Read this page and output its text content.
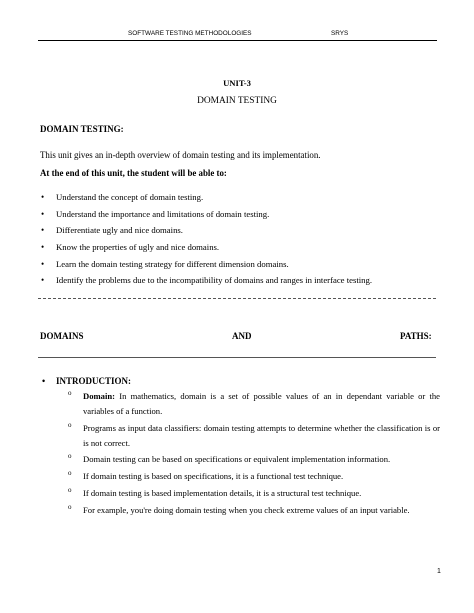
SOFTWARE TESTING METHODOLOGIES	SRYS
UNIT-3
DOMAIN TESTING
DOMAIN TESTING:
This unit gives an in-depth overview of domain testing and its implementation.
At the end of this unit, the student will be able to:
• Understand the concept of domain testing.
• Understand the importance and limitations of domain testing.
• Differentiate ugly and nice domains.
• Know the properties of ugly and nice domains.
• Learn the domain testing strategy for different dimension domains.
• Identify the problems due to the incompatibility of domains and ranges in interface testing.
DOMAINS	AND	PATHS:
• INTRODUCTION:
o Domain: In mathematics, domain is a set of possible values of an in dependant variable or the variables of a function.
o Programs as input data classifiers: domain testing attempts to determine whether the classification is or is not correct.
o Domain testing can be based on specifications or equivalent implementation information.
o If domain testing is based on specifications, it is a functional test technique.
o If domain testing is based implementation details, it is a structural test technique.
o For example, you're doing domain testing when you check extreme values of an input variable.
1
